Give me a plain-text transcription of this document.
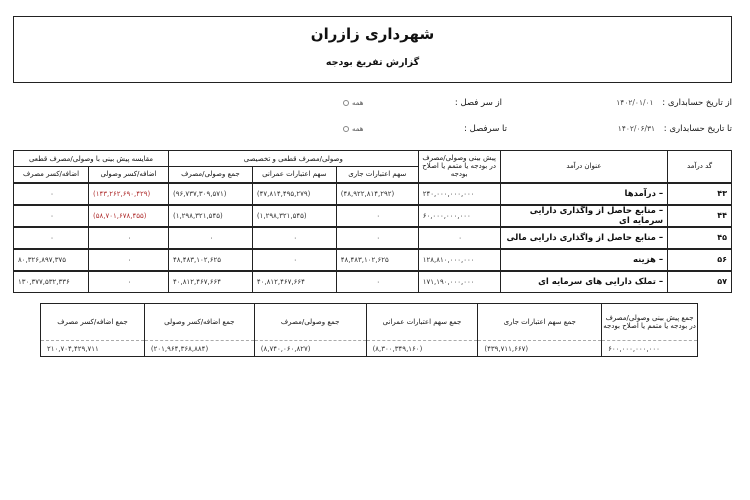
شهرداری زازران
گزارش تفریغ بودجه
از تاریخ حسابداری : ۱۴۰۲/۰۱/۰۱
تا تاریخ حسابداری : ۱۴۰۲/۰۶/۳۱
از سر فصل :
تا سرفصل :
همه
همه
گد درآمد	عنوان درآمد	پیش بینی وصولی/مصرف در بودجه یا متمم یا اصلاح بودجه	وصولی/مصرف قطعی و تخصیصی			مقایسه پیش بینی با وصولی/مصرف قطعی	
			سهم اعتبارات جاری	سهم اعتبارات عمرانی	جمع وصولی/مصرف	اضافه/کسر وصولی	اضافه/کسر مصرف
۴۳	– درآمدها	۲۴۰,۰۰۰,۰۰۰,۰۰۰	(۴۸,۹۲۲,۸۱۴,۲۹۲)	(۴۷,۸۱۴,۴۹۵,۲۷۹)	(۹۶,۷۳۷,۳۰۹,۵۷۱)	(۱۴۳,۲۶۲,۶۹۰,۴۲۹)	۰
۴۴	– منابع حاصل از واگذاری دارایی سرمایه ای	۶۰,۰۰۰,۰۰۰,۰۰۰	۰	(۱,۲۹۸,۳۲۱,۵۴۵)	(۱,۲۹۸,۳۲۱,۵۴۵)	(۵۸,۷۰۱,۶۷۸,۴۵۵)	۰
۴۵	– منابع حاصل از واگذاری دارایی مالی	۰	۰	۰	۰	۰	۰
۵۶	– هزینه	۱۲۸,۸۱۰,۰۰۰,۰۰۰	۴۸,۴۸۳,۱۰۲,۶۲۵	۰	۴۸,۴۸۳,۱۰۲,۶۲۵	۰	۸۰,۳۲۶,۸۹۷,۳۷۵
۵۷	– تملک دارایی های سرمایه ای	۱۷۱,۱۹۰,۰۰۰,۰۰۰	۰	۴۰,۸۱۲,۴۶۷,۶۶۴	۴۰,۸۱۲,۴۶۷,۶۶۴	۰	۱۳۰,۳۷۷,۵۳۲,۳۳۶
جمع پیش بینی وصولی/مصرف در بودجه یا متمم یا اصلاح بودجه	جمع سهم اعتبارات جاری	جمع سهم اعتبارات عمرانی	جمع وصولی/مصرف	جمع اضافه/کسر وصولی	جمع اضافه/کسر مصرف
۶۰۰,۰۰۰,۰۰۰,۰۰۰	(۴۳۹,۷۱۱,۶۶۷)	(۸,۳۰۰,۳۴۹,۱۶۰)	(۸,۷۴۰,۰۶۰,۸۲۷)	(۲۰۱,۹۶۴,۳۶۸,۸۸۴)	۲۱۰,۷۰۴,۴۲۹,۷۱۱
